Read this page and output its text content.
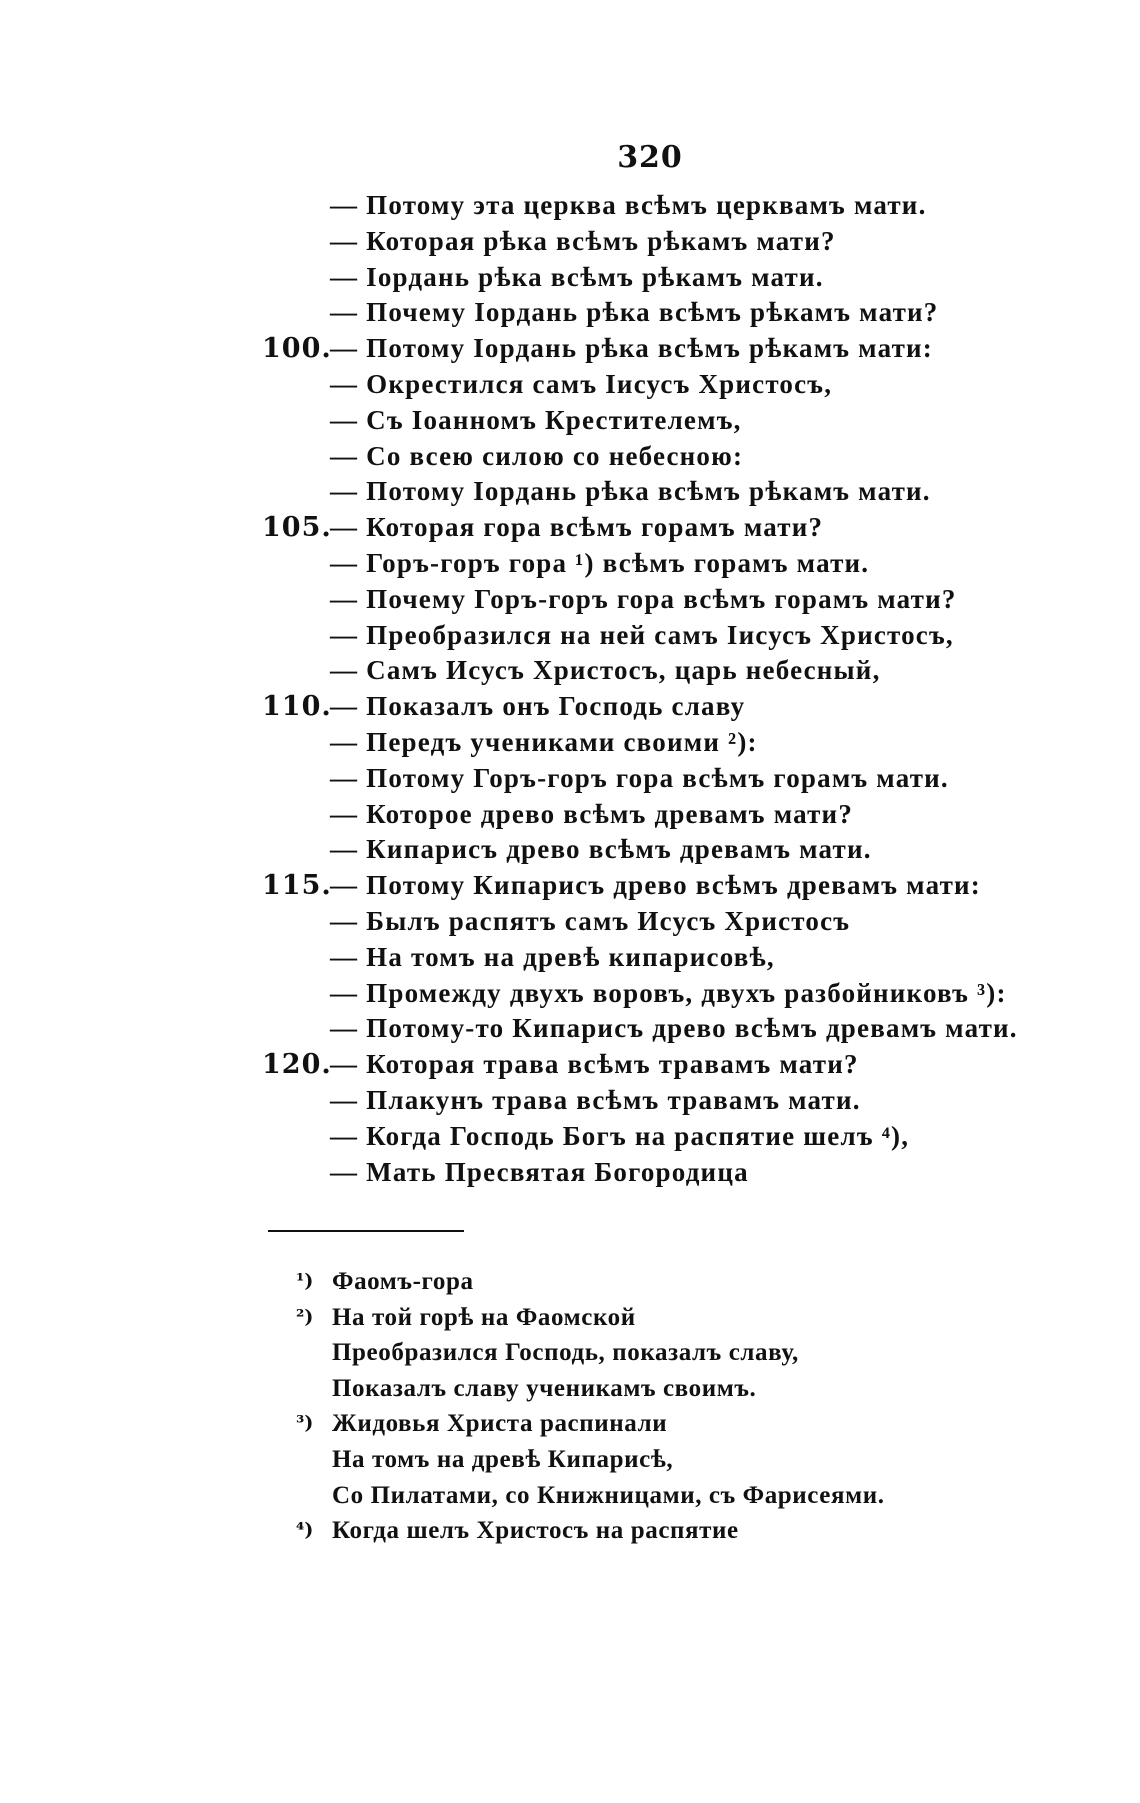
320
— Потому эта церква всѣмъ церквамъ мати.
— Которая рѣка всѣмъ рѣкамъ мати?
— Іордань рѣка всѣмъ рѣкамъ мати.
— Почему Іордань рѣка всѣмъ рѣкамъ мати?
100.
— Потому Іордань рѣка всѣмъ рѣкамъ мати:
— Окрестился самъ Іисусъ Христосъ,
— Съ Іоанномъ Крестителемъ,
— Со всею силою со небесною:
— Потому Іордань рѣка всѣмъ рѣкамъ мати.
105.
— Которая гора всѣмъ горамъ мати?
— Горъ-горъ гора ¹) всѣмъ горамъ мати.
— Почему Горъ-горъ гора всѣмъ горамъ мати?
— Преобразился на ней самъ Іисусъ Христосъ,
— Самъ Исусъ Христосъ, царь небесный,
110.
— Показалъ онъ Господь славу
— Передъ учениками своими ²):
— Потому Горъ-горъ гора всѣмъ горамъ мати.
— Которое древо всѣмъ древамъ мати?
— Кипарисъ древо всѣмъ древамъ мати.
115.
— Потому Кипарисъ древо всѣмъ древамъ мати:
— Былъ распятъ самъ Исусъ Христосъ
— На томъ на древѣ кипарисовѣ,
— Промежду двухъ воровъ, двухъ разбойниковъ ³):
— Потому-то Кипарисъ древо всѣмъ древамъ мати.
120.
— Которая трава всѣмъ травамъ мати?
— Плакунъ трава всѣмъ травамъ мати.
— Когда Господь Богъ на распятие шелъ ⁴),
— Мать Пресвятая Богородица
¹) Фаомъ-гора
²) На той горѣ на Фаомской
Преобразился Господь, показалъ славу,
Показалъ славу ученикамъ своимъ.
³) Жидовья Христа распинали
На томъ на древѣ Кипарисѣ,
Со Пилатами, со Книжницами, съ Фарисеями.
⁴) Когда шелъ Христосъ на распятие
